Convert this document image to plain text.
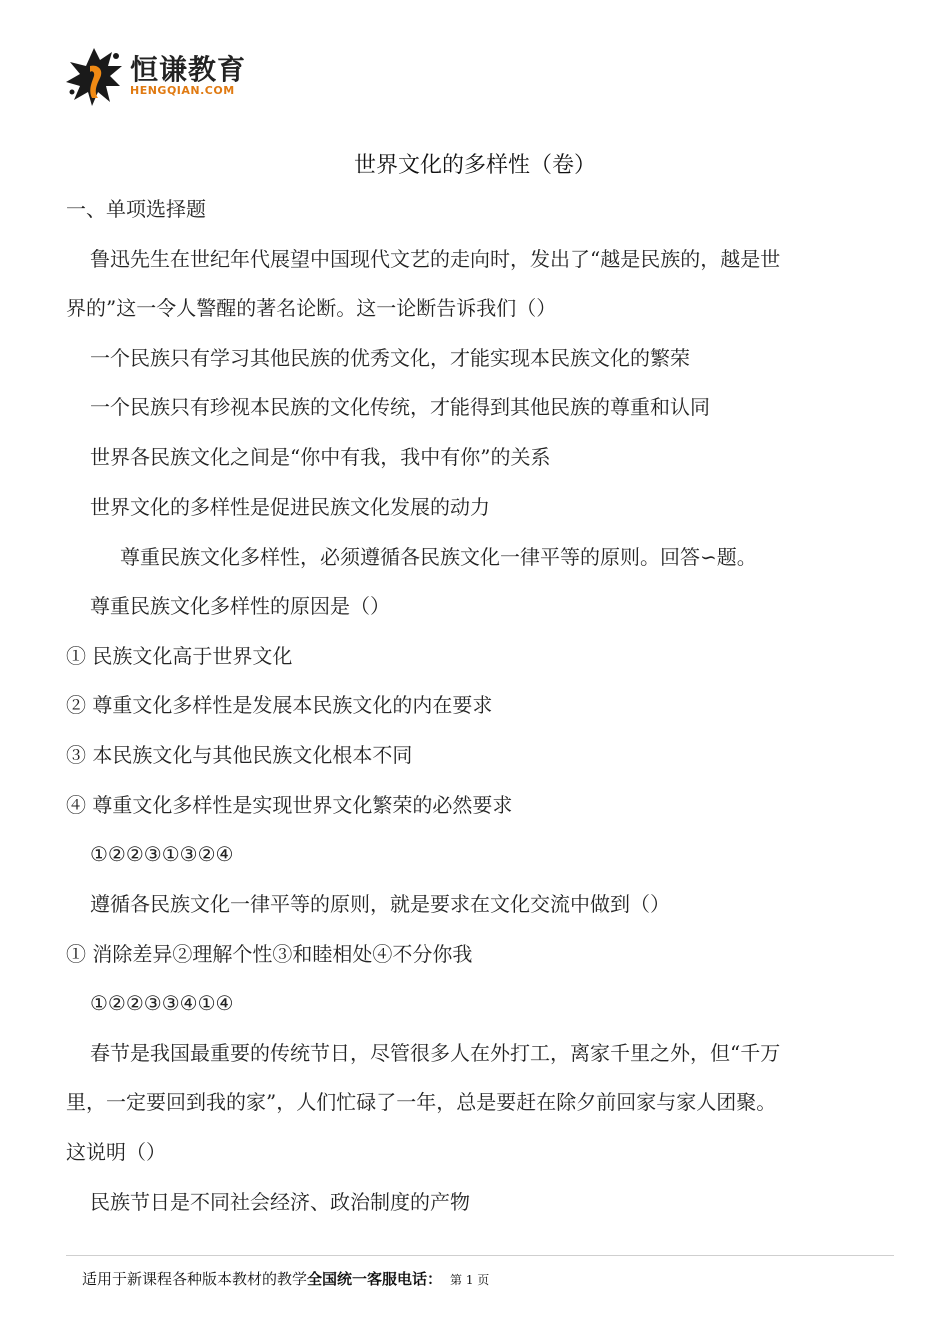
恒谦教育
HENGQIAN.COM
世界文化的多样性（卷）
一、单项选择题
鲁迅先生在世纪年代展望中国现代文艺的走向时，发出了“越是民族的，越是世
界的”这一令人警醒的著名论断。这一论断告诉我们（）
一个民族只有学习其他民族的优秀文化，才能实现本民族文化的繁荣
一个民族只有珍视本民族的文化传统，才能得到其他民族的尊重和认同
世界各民族文化之间是“你中有我，我中有你”的关系
世界文化的多样性是促进民族文化发展的动力
尊重民族文化多样性，必须遵循各民族文化一律平等的原则。回答∽题。
尊重民族文化多样性的原因是（）
① 民族文化高于世界文化
② 尊重文化多样性是发展本民族文化的内在要求
③ 本民族文化与其他民族文化根本不同
④ 尊重文化多样性是实现世界文化繁荣的必然要求
①②②③①③②④
遵循各民族文化一律平等的原则，就是要求在文化交流中做到（）
① 消除差异②理解个性③和睦相处④不分你我
①②②③③④①④
春节是我国最重要的传统节日，尽管很多人在外打工，离家千里之外，但“千万
里，一定要回到我的家”，人们忙碌了一年，总是要赶在除夕前回家与家人团聚。
这说明（）
民族节日是不同社会经济、政治制度的产物
适用于新课程各种版本教材的教学全国统一客服电话： 第 1 页
